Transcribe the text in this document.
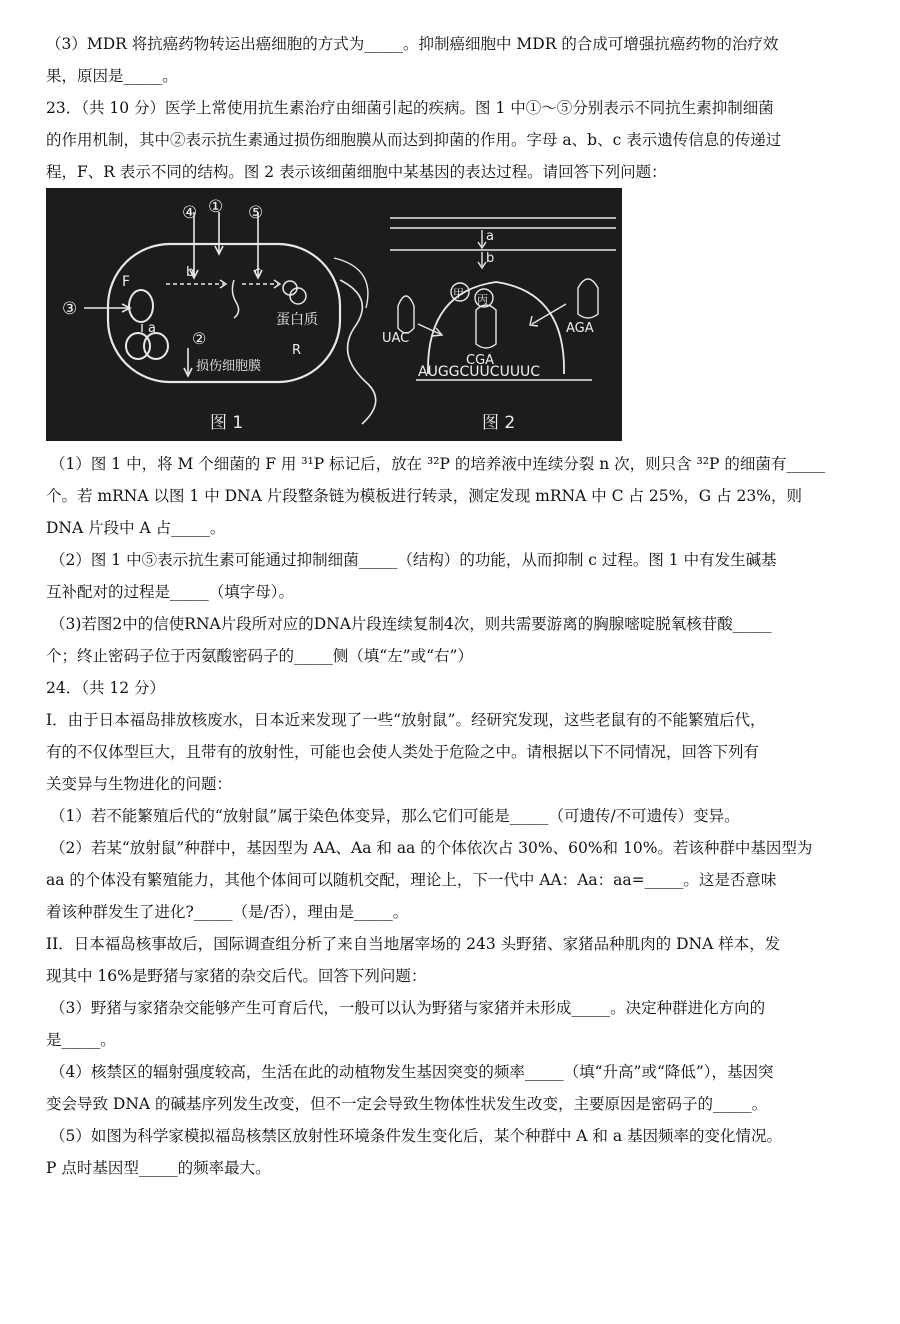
（3）MDR 将抗癌药物转运出癌细胞的方式为_____。抑制癌细胞中 MDR 的合成可增强抗癌药物的治疗效
果，原因是_____。
23．（共 10 分）医学上常使用抗生素治疗由细菌引起的疾病。图 1 中①～⑤分别表示不同抗生素抑制细菌
的作用机制，其中②表示抗生素通过损伤细胞膜从而达到抑菌的作用。字母 a、b、c 表示遗传信息的传递过
程，F、R 表示不同的结构。图 2 表示该细菌细胞中某基因的表达过程。请回答下列问题：
④ ① ⑤
③
②
a
b	c
F
R
蛋白质
损伤细胞膜
图 1
a
b
甲 丙
UAC
CGA
AGA
AUGGCUUCUUUC
图 2
（1）图 1 中，将 M 个细菌的 F 用 ³¹P 标记后，放在 ³²P 的培养液中连续分裂 n 次，则只含 ³²P 的细菌有_____
个。若 mRNA 以图 1 中 DNA 片段整条链为模板进行转录，测定发现 mRNA 中 C 占 25%，G 占 23%，则
DNA 片段中 A 占_____。
（2）图 1 中⑤表示抗生素可能通过抑制细菌_____（结构）的功能，从而抑制 c 过程。图 1 中有发生碱基
互补配对的过程是_____（填字母）。
（3)若图2中的信使RNA片段所对应的DNA片段连续复制4次，则共需要游离的胸腺嘧啶脱氧核苷酸_____
个；终止密码子位于丙氨酸密码子的_____侧（填“左”或“右”）
24．（共 12 分）
I．由于日本福岛排放核废水，日本近来发现了一些“放射鼠”。经研究发现，这些老鼠有的不能繁殖后代，
有的不仅体型巨大，且带有的放射性，可能也会使人类处于危险之中。请根据以下不同情况，回答下列有
关变异与生物进化的问题：
（1）若不能繁殖后代的“放射鼠”属于染色体变异，那么它们可能是_____（可遗传/不可遗传）变异。
（2）若某“放射鼠”种群中，基因型为 AA、Aa 和 aa 的个体依次占 30%、60%和 10%。若该种群中基因型为
aa 的个体没有繁殖能力，其他个体间可以随机交配，理论上，下一代中 AA：Aa：aa=_____。这是否意味
着该种群发生了进化?_____（是/否），理由是_____。
II．日本福岛核事故后，国际调查组分析了来自当地屠宰场的 243 头野猪、家猪品种肌肉的 DNA 样本，发
现其中 16%是野猪与家猪的杂交后代。回答下列问题：
（3）野猪与家猪杂交能够产生可育后代，一般可以认为野猪与家猪并未形成_____。决定种群进化方向的
是_____。
（4）核禁区的辐射强度较高，生活在此的动植物发生基因突变的频率_____（填“升高”或“降低”），基因突
变会导致 DNA 的碱基序列发生改变，但不一定会导致生物体性状发生改变，主要原因是密码子的_____。
（5）如图为科学家模拟福岛核禁区放射性环境条件发生变化后，某个种群中 A 和 a 基因频率的变化情况。
P 点时基因型_____的频率最大。
